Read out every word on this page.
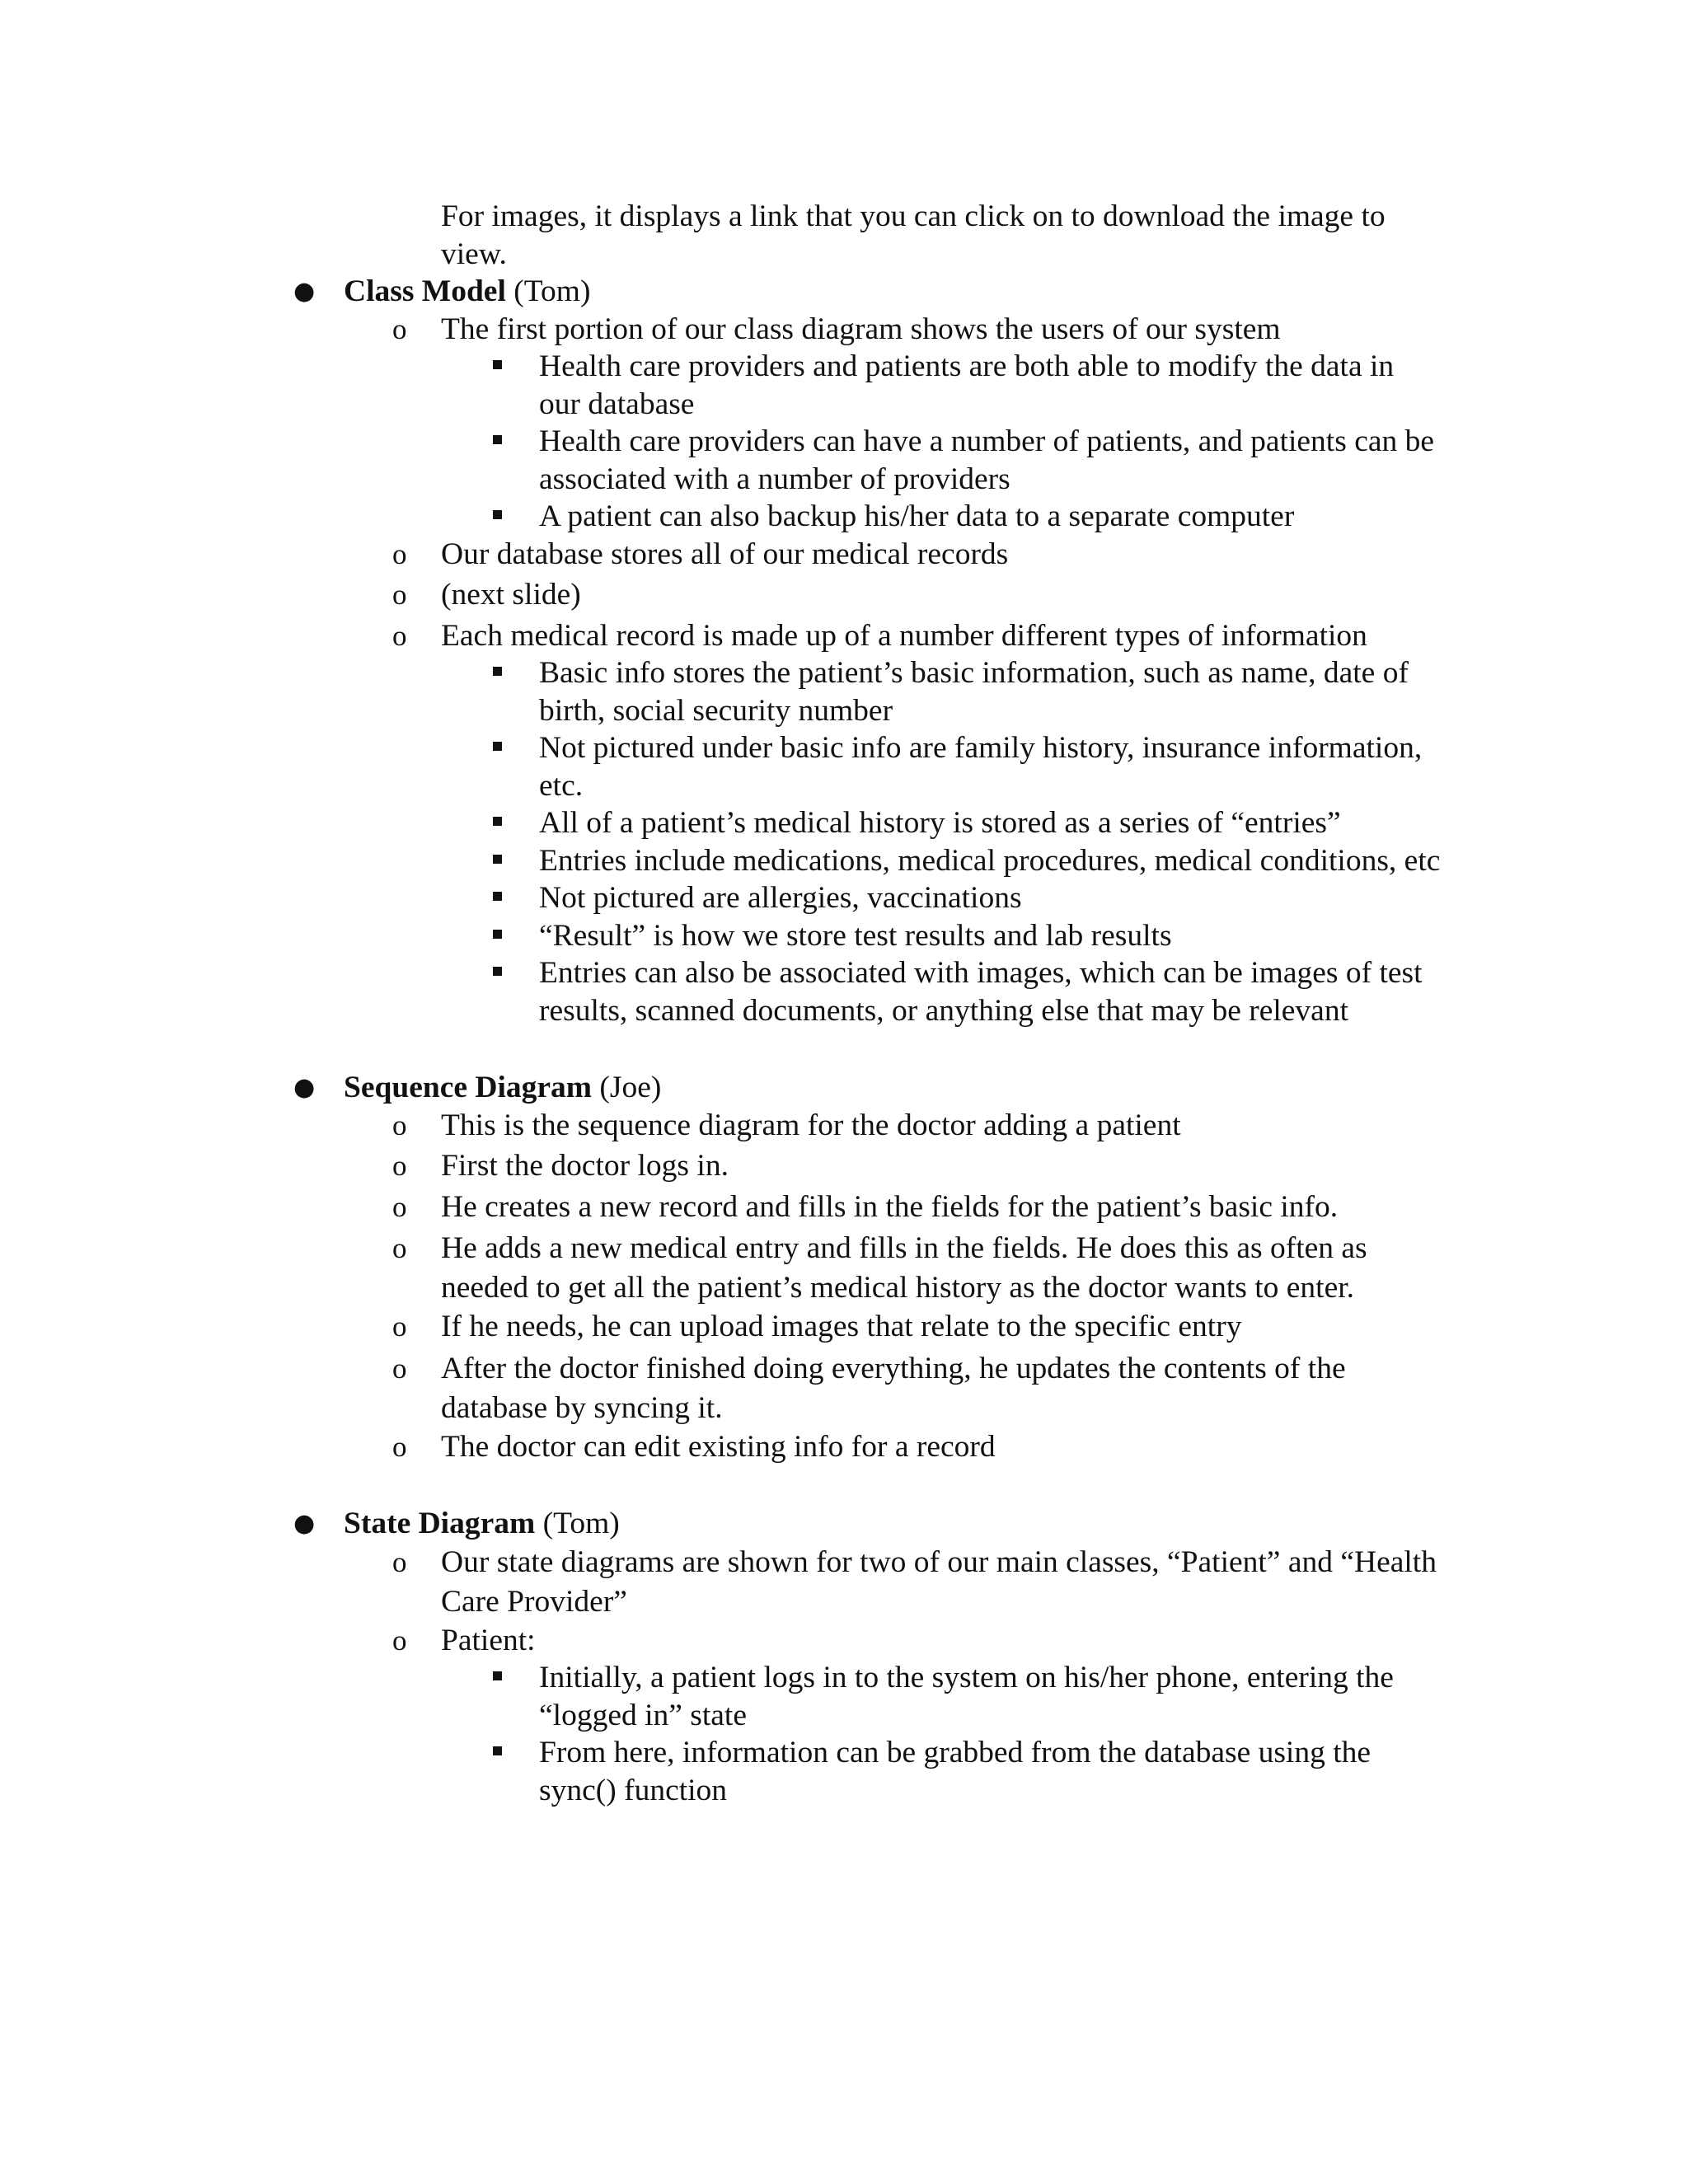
For images, it displays a link that you can click on to download the image to view.
● Class Model (Tom)
o The first portion of our class diagram shows the users of our system
Health care providers and patients are both able to modify the data in our database
Health care providers can have a number of patients, and patients can be associated with a number of providers
A patient can also backup his/her data to a separate computer
o Our database stores all of our medical records
o (next slide)
o Each medical record is made up of a number different types of information
Basic info stores the patient’s basic information, such as name, date of birth, social security number
Not pictured under basic info are family history, insurance information, etc.
All of a patient’s medical history is stored as a series of “entries”
Entries include medications, medical procedures, medical conditions, etc
Not pictured are allergies, vaccinations
“Result” is how we store test results and lab results
Entries can also be associated with images, which can be images of test results, scanned documents, or anything else that may be relevant
● Sequence Diagram (Joe)
o This is the sequence diagram for the doctor adding a patient
o First the doctor logs in.
o He creates a new record and fills in the fields for the patient’s basic info.
o He adds a new medical entry and fills in the fields. He does this as often as needed to get all the patient’s medical history as the doctor wants to enter.
o If he needs, he can upload images that relate to the specific entry
o After the doctor finished doing everything, he updates the contents of the database by syncing it.
o The doctor can edit existing info for a record
● State Diagram (Tom)
o Our state diagrams are shown for two of our main classes, “Patient” and “Health Care Provider”
o Patient:
Initially, a patient logs in to the system on his/her phone, entering the “logged in” state
From here, information can be grabbed from the database using the sync() function
